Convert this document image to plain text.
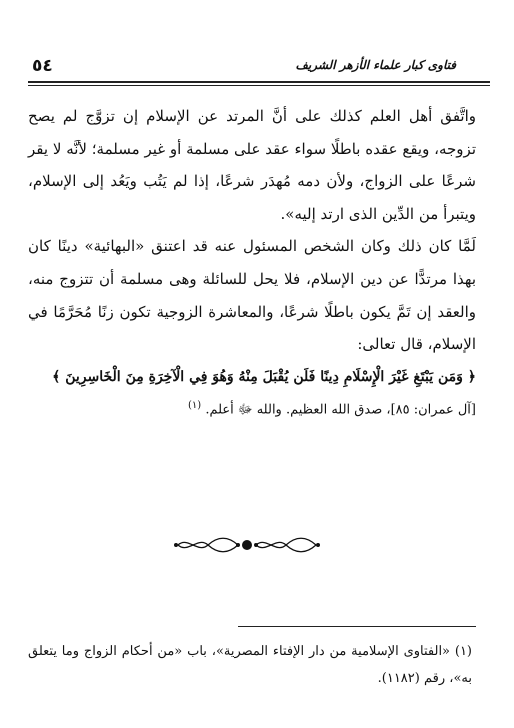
٥٤	فتاوى كبار علماء الأزهر الشريف

واتَّفق أهل العلم كذلك على أنَّ المرتد عن الإسلام إن تزوَّج لم يصح تزوجه، ويقع عقده باطلًا سواء عقد على مسلمة أو غير مسلمة؛ لأنَّه لا يقر شرعًا على الزواج، ولأن دمه مُهدَر شرعًا، إذا لم يَتُب ويَعُد إلى الإسلام، ويتبرأ من الدِّين الذى ارتد إليه».

لَمَّا كان ذلك وكان الشخص المسئول عنه قد اعتنق «البهائية» دينًا كان بهذا مرتدًّا عن دين الإسلام، فلا يحل للسائلة وهى مسلمة أن تتزوج منه، والعقد إن تَمَّ يكون باطلًا شرعًا، والمعاشرة الزوجية تكون زنًا مُحَرَّمًا في الإسلام، قال تعالى:

﴿ وَمَن يَبْتَغِ غَيْرَ الْإِسْلَامِ دِينًا فَلَن يُقْبَلَ مِنْهُ وَهُوَ فِي الْآخِرَةِ مِنَ الْخَاسِرِينَ ﴾

[آل عمران: ٨٥]، صدق الله العظيم. والله ﷻ أعلم. $^{(١)}$

(١) «الفتاوى الإسلامية من دار الإفتاء المصرية»، باب «من أحكام الزواج وما يتعلق به»، رقم (١١٨٢).
